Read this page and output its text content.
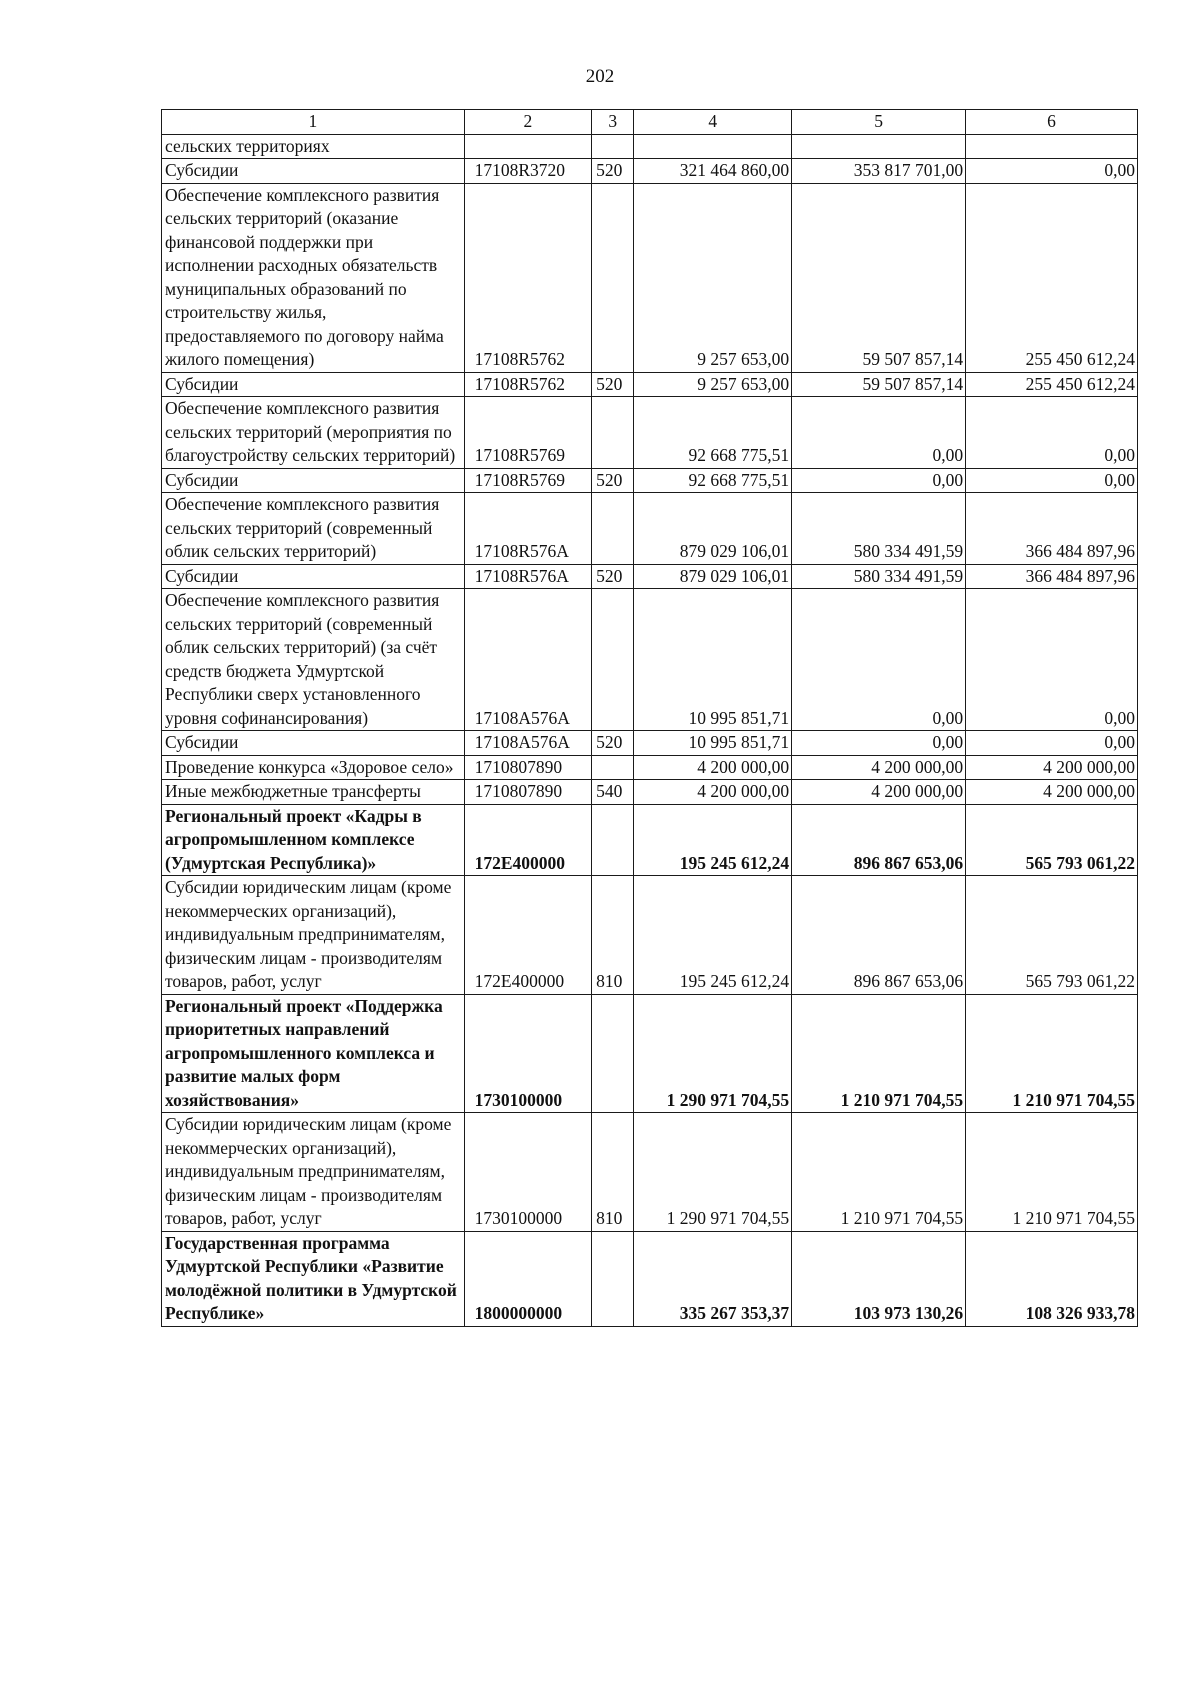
202
1	2	3	4	5	6
сельских территориях					
Субсидии	17108R3720	520	321 464 860,00	353 817 701,00	0,00
Обеспечение комплексного развития сельских территорий (оказание финансовой поддержки при исполнении расходных обязательств муниципальных образований по строительству жилья, предоставляемого по договору найма жилого помещения)	17108R5762		9 257 653,00	59 507 857,14	255 450 612,24
Субсидии	17108R5762	520	9 257 653,00	59 507 857,14	255 450 612,24
Обеспечение комплексного развития сельских территорий (мероприятия по благоустройству сельских территорий)	17108R5769		92 668 775,51	0,00	0,00
Субсидии	17108R5769	520	92 668 775,51	0,00	0,00
Обеспечение комплексного развития сельских территорий (современный облик сельских территорий)	17108R576A		879 029 106,01	580 334 491,59	366 484 897,96
Субсидии	17108R576A	520	879 029 106,01	580 334 491,59	366 484 897,96
Обеспечение комплексного развития сельских территорий (современный облик сельских территорий) (за счёт средств бюджета Удмуртской Республики сверх установленного уровня софинансирования)	17108A576A		10 995 851,71	0,00	0,00
Субсидии	17108A576A	520	10 995 851,71	0,00	0,00
Проведение конкурса «Здоровое село»	1710807890		4 200 000,00	4 200 000,00	4 200 000,00
Иные межбюджетные трансферты	1710807890	540	4 200 000,00	4 200 000,00	4 200 000,00
Региональный проект «Кадры в агропромышленном комплексе (Удмуртская Республика)»	172E400000		195 245 612,24	896 867 653,06	565 793 061,22
Субсидии юридическим лицам (кроме некоммерческих организаций), индивидуальным предпринимателям, физическим лицам - производителям товаров, работ, услуг	172E400000	810	195 245 612,24	896 867 653,06	565 793 061,22
Региональный проект «Поддержка приоритетных направлений агропромышленного комплекса и развитие малых форм хозяйствования»	1730100000		1 290 971 704,55	1 210 971 704,55	1 210 971 704,55
Субсидии юридическим лицам (кроме некоммерческих организаций), индивидуальным предпринимателям, физическим лицам - производителям товаров, работ, услуг	1730100000	810	1 290 971 704,55	1 210 971 704,55	1 210 971 704,55
Государственная программа Удмуртской Республики «Развитие молодёжной политики в Удмуртской Республике»	1800000000		335 267 353,37	103 973 130,26	108 326 933,78
